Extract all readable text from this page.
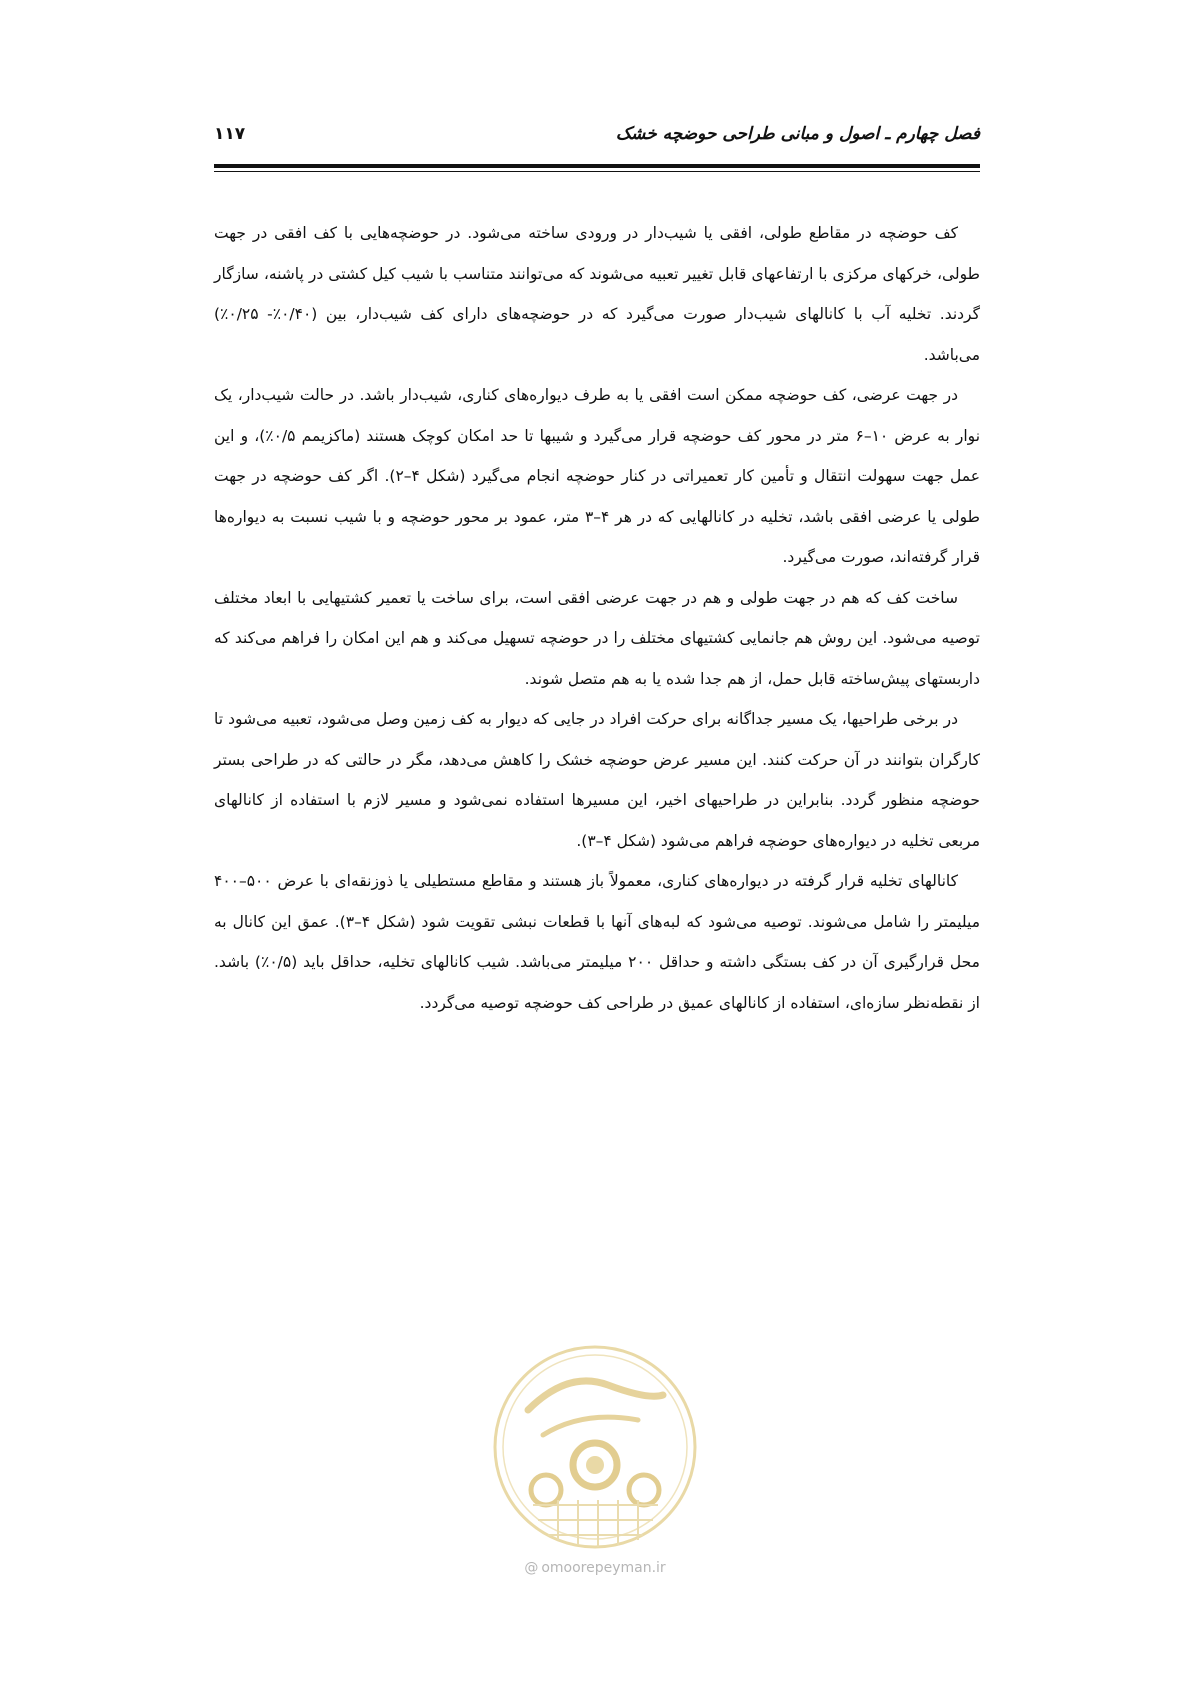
فصل چهارم ـ اصول و مبانی طراحی حوضچه خشک
۱۱۷

کف حوضچه در مقاطع طولی، افقی یا شیب‌دار در ورودی ساخته می‌شود. در حوضچه‌هایی با کف افقی در جهت طولی، خرکهای مرکزی با ارتفاعهای قابل تغییر تعبیه می‌شوند که می‌توانند متناسب با شیب کیل کشتی در پاشنه، سازگار گردند. تخلیه آب با کانالهای شیب‌دار صورت می‌گیرد که در حوضچه‌های دارای کف شیب‌دار، بین (۰/۴۰٪- ۰/۲۵٪) می‌باشد.

در جهت عرضی، کف حوضچه ممکن است افقی یا به طرف دیواره‌های کناری، شیب‌دار باشد. در حالت شیب‌دار، یک نوار به عرض ۱۰–۶ متر در محور کف حوضچه قرار می‌گیرد و شیبها تا حد امکان کوچک هستند (ماکزیمم ۰/۵٪)، و این عمل جهت سهولت انتقال و تأمین کار تعمیراتی در کنار حوضچه انجام می‌گیرد (شکل ۴–۲). اگر کف حوضچه در جهت طولی یا عرضی افقی باشد، تخلیه در کانالهایی که در هر ۴–۳ متر، عمود بر محور حوضچه و با شیب نسبت به دیواره‌ها قرار گرفته‌اند، صورت می‌گیرد.

ساخت کف که هم در جهت طولی و هم در جهت عرضی افقی است، برای ساخت یا تعمیر کشتیهایی با ابعاد مختلف توصیه می‌شود. این روش هم جانمایی کشتیهای مختلف را در حوضچه تسهیل می‌کند و هم این امکان را فراهم می‌کند که داربستهای پیش‌ساخته قابل حمل، از هم جدا شده یا به هم متصل شوند.

در برخی طراحیها، یک مسیر جداگانه برای حرکت افراد در جایی که دیوار به کف زمین وصل می‌شود، تعبیه می‌شود تا کارگران بتوانند در آن حرکت کنند. این مسیر عرض حوضچه خشک را کاهش می‌دهد، مگر در حالتی که در طراحی بستر حوضچه منظور گردد. بنابراین در طراحیهای اخیر، این مسیرها استفاده نمی‌شود و مسیر لازم با استفاده از کانالهای مربعی تخلیه در دیواره‌های حوضچه فراهم می‌شود (شکل ۴–۳).

کانالهای تخلیه قرار گرفته در دیواره‌های کناری، معمولاً باز هستند و مقاطع مستطیلی یا ذوزنقه‌ای با عرض ۵۰۰–۴۰۰ میلیمتر را شامل می‌شوند. توصیه می‌شود که لبه‌های آنها با قطعات نبشی تقویت شود (شکل ۴–۳). عمق این کانال به محل قرارگیری آن در کف بستگی داشته و حداقل ۲۰۰ میلیمتر می‌باشد. شیب کانالهای تخلیه، حداقل باید (۰/۵٪) باشد. از نقطه‌نظر سازه‌ای، استفاده از کانالهای عمیق در طراحی کف حوضچه توصیه می‌گردد.

@ omoorepeyman.ir
